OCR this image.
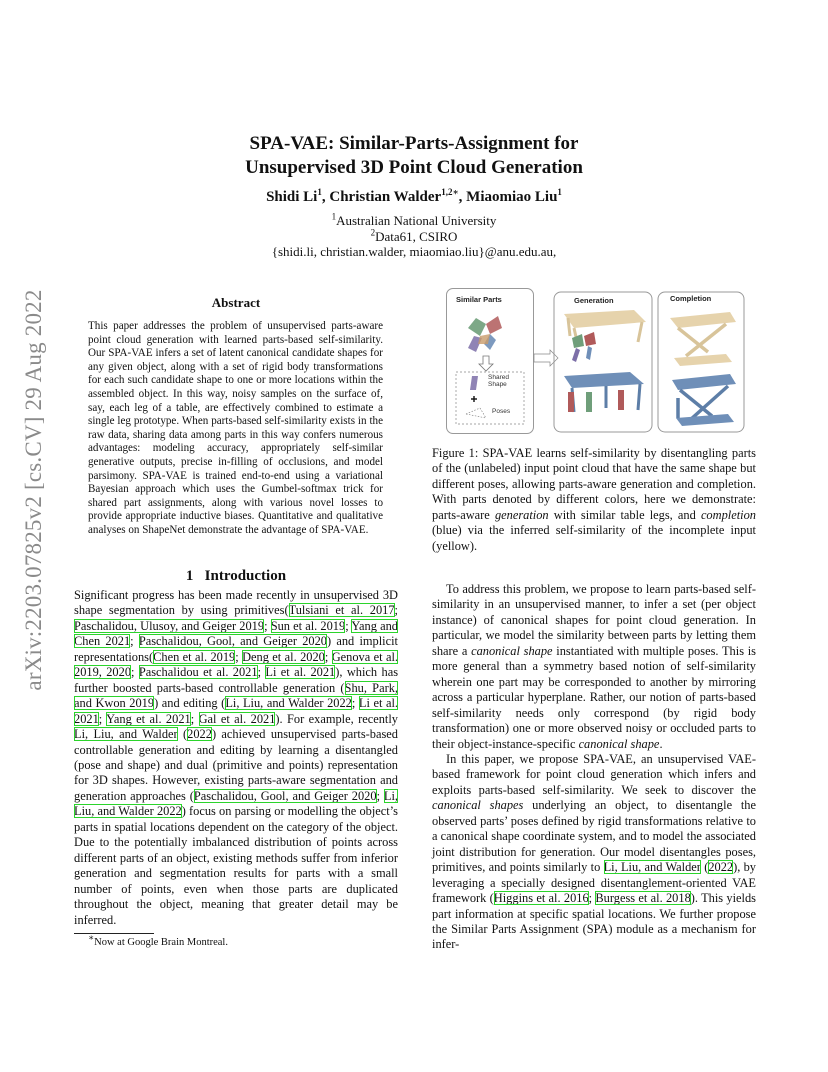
arXiv:2203.07825v2 [cs.CV] 29 Aug 2022
SPA-VAE: Similar-Parts-Assignment for
Unsupervised 3D Point Cloud Generation
Shidi Li$^1$, Christian Walder$^{1,2∗}$, Miaomiao Liu$^1$
$^1$Australian National University
$^2$Data61, CSIRO
{shidi.li, christian.walder, miaomiao.liu}@anu.edu.au,
Abstract
This paper addresses the problem of unsupervised parts-aware point cloud generation with learned parts-based self-similarity. Our SPA-VAE infers a set of latent canonical candidate shapes for any given object, along with a set of rigid body transformations for each such candidate shape to one or more locations within the assembled object. In this way, noisy samples on the surface of, say, each leg of a table, are effectively combined to estimate a single leg prototype. When parts-based self-similarity exists in the raw data, sharing data among parts in this way confers numerous advantages: modeling accuracy, appropriately self-similar generative outputs, precise in-filling of occlusions, and model parsimony. SPA-VAE is trained end-to-end using a variational Bayesian approach which uses the Gumbel-softmax trick for shared part assignments, along with various novel losses to provide appropriate inductive biases. Quantitative and qualitative analyses on ShapeNet demonstrate the advantage of SPA-VAE.
Similar Parts	Generation	Completion
Shared
Shape
Poses
Figure 1: SPA-VAE learns self-similarity by disentangling parts of the (unlabeled) input point cloud that have the same shape but different poses, allowing parts-aware generation and completion. With parts denoted by different colors, here we demonstrate: parts-aware generation with similar table legs, and completion (blue) via the inferred self-similarity of the incomplete input (yellow).
1 Introduction

Significant progress has been made recently in unsupervised 3D shape segmentation by using primitives(Tulsiani et al. 2017; Paschalidou, Ulusoy, and Geiger 2019; Sun et al. 2019; Yang and Chen 2021; Paschalidou, Gool, and Geiger 2020) and implicit representations(Chen et al. 2019; Deng et al. 2020; Genova et al. 2019, 2020; Paschalidou et al. 2021; Li et al. 2021), which has further boosted parts-based controllable generation (Shu, Park, and Kwon 2019) and editing (Li, Liu, and Walder 2022; Li et al. 2021; Yang et al. 2021; Gal et al. 2021). For example, recently Li, Liu, and Walder (2022) achieved unsupervised parts-based controllable generation and editing by learning a disentangled (pose and shape) and dual (primitive and points) representation for 3D shapes. However, existing parts-aware segmentation and generation approaches (Paschalidou, Gool, and Geiger 2020; Li, Liu, and Walder 2022) focus on parsing or modelling the object’s parts in spatial locations dependent on the category of the object. Due to the potentially imbalanced distribution of points across different parts of an object, existing methods suffer from inferior generation and segmentation results for parts with a small number of points, even when those parts are duplicated throughout the object, meaning that greater detail may be inferred.

To address this problem, we propose to learn parts-based self-similarity in an unsupervised manner, to infer a set (per object instance) of canonical shapes for point cloud generation. In particular, we model the similarity between parts by letting them share a canonical shape instantiated with multiple poses. This is more general than a symmetry based notion of self-similarity wherein one part may be corresponded to another by mirroring across a particular hyperplane. Rather, our notion of parts-based self-similarity needs only correspond (by rigid body transformation) one or more observed noisy or occluded parts to their object-instance-specific canonical shape.

In this paper, we propose SPA-VAE, an unsupervised VAE-based framework for point cloud generation which infers and exploits parts-based self-similarity. We seek to discover the canonical shapes underlying an object, to disentangle the observed parts’ poses defined by rigid transformations relative to a canonical shape coordinate system, and to model the associated joint distribution for generation. Our model disentangles poses, primitives, and points similarly to Li, Liu, and Walder (2022), by leveraging a specially designed disentanglement-oriented VAE framework (Higgins et al. 2016; Burgess et al. 2018). This yields part information at specific spatial locations. We further propose the Similar Parts Assignment (SPA) module as a mechanism for infer-

∗Now at Google Brain Montreal.
